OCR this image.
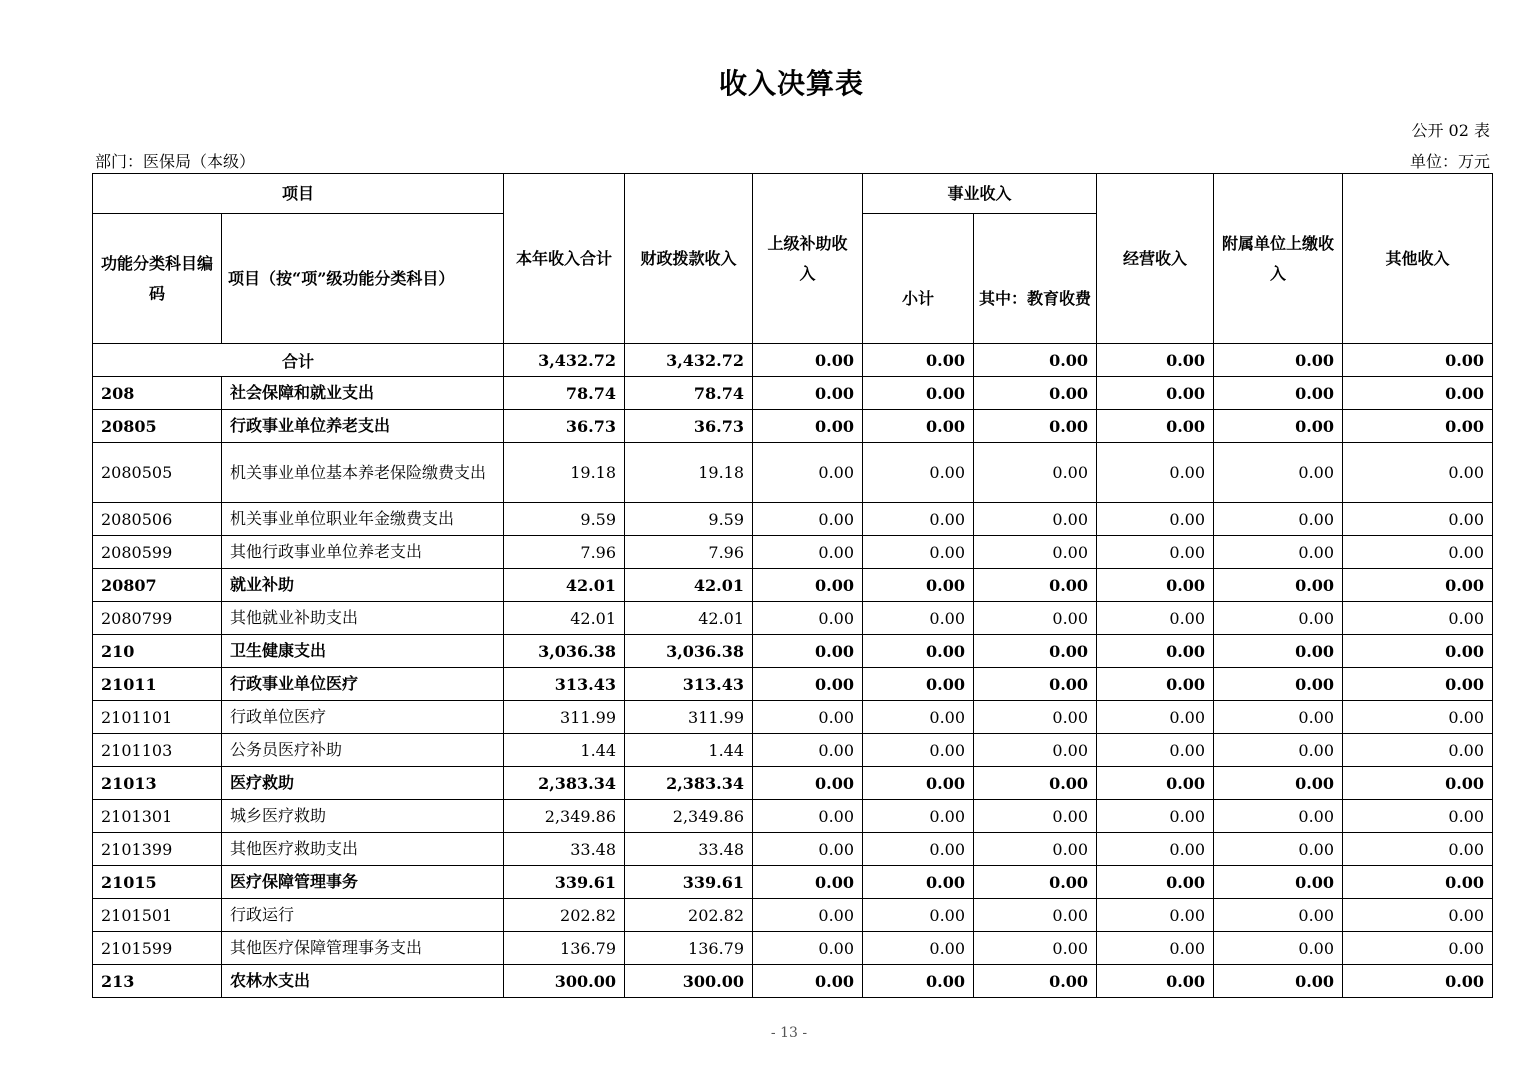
收入决算表
公开 02 表
部门：医保局（本级）	单位：万元
项目		本年收入合计	财政拨款收入	上级补助收入	事业收入		经营收入	附属单位上缴收入	其他收入
功能分类科目编码	项目（按“项”级功能分类科目）				小计	其中：教育收费			
合计		3,432.72	3,432.72	0.00	0.00	0.00	0.00	0.00	0.00
208	社会保障和就业支出	78.74	78.74	0.00	0.00	0.00	0.00	0.00	0.00
20805	行政事业单位养老支出	36.73	36.73	0.00	0.00	0.00	0.00	0.00	0.00
2080505	机关事业单位基本养老保险缴费支出	19.18	19.18	0.00	0.00	0.00	0.00	0.00	0.00
2080506	机关事业单位职业年金缴费支出	9.59	9.59	0.00	0.00	0.00	0.00	0.00	0.00
2080599	其他行政事业单位养老支出	7.96	7.96	0.00	0.00	0.00	0.00	0.00	0.00
20807	就业补助	42.01	42.01	0.00	0.00	0.00	0.00	0.00	0.00
2080799	其他就业补助支出	42.01	42.01	0.00	0.00	0.00	0.00	0.00	0.00
210	卫生健康支出	3,036.38	3,036.38	0.00	0.00	0.00	0.00	0.00	0.00
21011	行政事业单位医疗	313.43	313.43	0.00	0.00	0.00	0.00	0.00	0.00
2101101	行政单位医疗	311.99	311.99	0.00	0.00	0.00	0.00	0.00	0.00
2101103	公务员医疗补助	1.44	1.44	0.00	0.00	0.00	0.00	0.00	0.00
21013	医疗救助	2,383.34	2,383.34	0.00	0.00	0.00	0.00	0.00	0.00
2101301	城乡医疗救助	2,349.86	2,349.86	0.00	0.00	0.00	0.00	0.00	0.00
2101399	其他医疗救助支出	33.48	33.48	0.00	0.00	0.00	0.00	0.00	0.00
21015	医疗保障管理事务	339.61	339.61	0.00	0.00	0.00	0.00	0.00	0.00
2101501	行政运行	202.82	202.82	0.00	0.00	0.00	0.00	0.00	0.00
2101599	其他医疗保障管理事务支出	136.79	136.79	0.00	0.00	0.00	0.00	0.00	0.00
213	农林水支出	300.00	300.00	0.00	0.00	0.00	0.00	0.00	0.00
- 13 -
